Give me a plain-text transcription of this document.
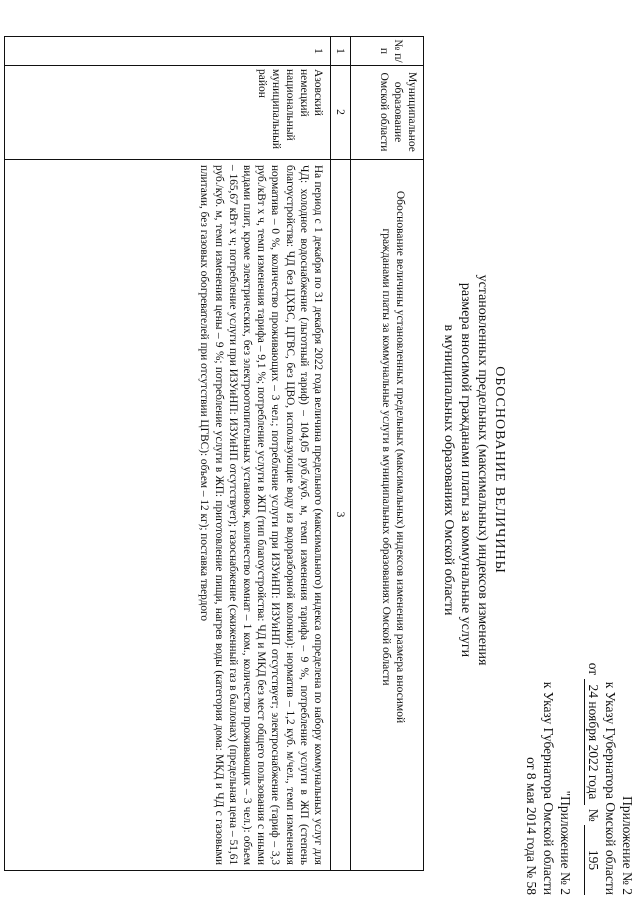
Приложение № 2
к Указу Губернатора Омской области
от 24 ноября 2022 года № 195
"Приложение № 2
к Указу Губернатора Омской области
от 8 мая 2014 года № 58
ОБОСНОВАНИЕ ВЕЛИЧИНЫ
установленных предельных (максимальных) индексов изменения
размера вносимой гражданами платы за коммунальные услуги
в муниципальных образованиях Омской области
№ п/п
Муниципальное образование Омской области
Обоснование величины установленных предельных (максимальных) индексов изменения размера вносимой гражданами платы за коммунальные услуги в муниципальных образованиях Омской области
1
2
3
1
Азовский немецкий национальный муниципальный район
На период с 1 декабря по 31 декабря 2022 года величина предельного (максимального) индекса определена по набору коммунальных услуг для ЧД: холодное водоснабжение (льготный тариф) – 104,05 руб./куб. м, темп изменения тарифа – 9 %, потребление услуги в ЖП (степень благоустройства: ЧД без ЦХВС, ЦГВС, без ЦВО, использующие воду из водоразборной колонки): норматив – 1,2 куб. м/чел., темп изменения норматива – 0 %, количество проживающих – 3 чел.; потребление услуги при ИЗУиНП: ИЗУиНП отсутствует; электроснабжение (тариф – 3,3 руб./кВт х ч, темп изменения тарифа – 9,1 %; потребление услуги в ЖП (тип благоустройства: ЧД и МКД без мест общего пользования с иными видами плит, кроме электрических, без электроотопительных установок, количество комнат – 1 ком., количество проживающих – 3 чел.): объем – 165,67 кВт х ч; потребление услуги при ИЗУиНП: ИЗУиНП отсутствует); газоснабжение (сжиженный газ в баллонах) (предельная цена – 51,61 руб./куб. м, темп изменения цены – 9 %; потребление услуги в ЖП: приготовление пищи, нагрев воды (категория дома: МКД и ЧД с газовыми плитами, без газовых обогревателей при отсутствии ЦГВС): объем – 12 кг); поставка твердого
